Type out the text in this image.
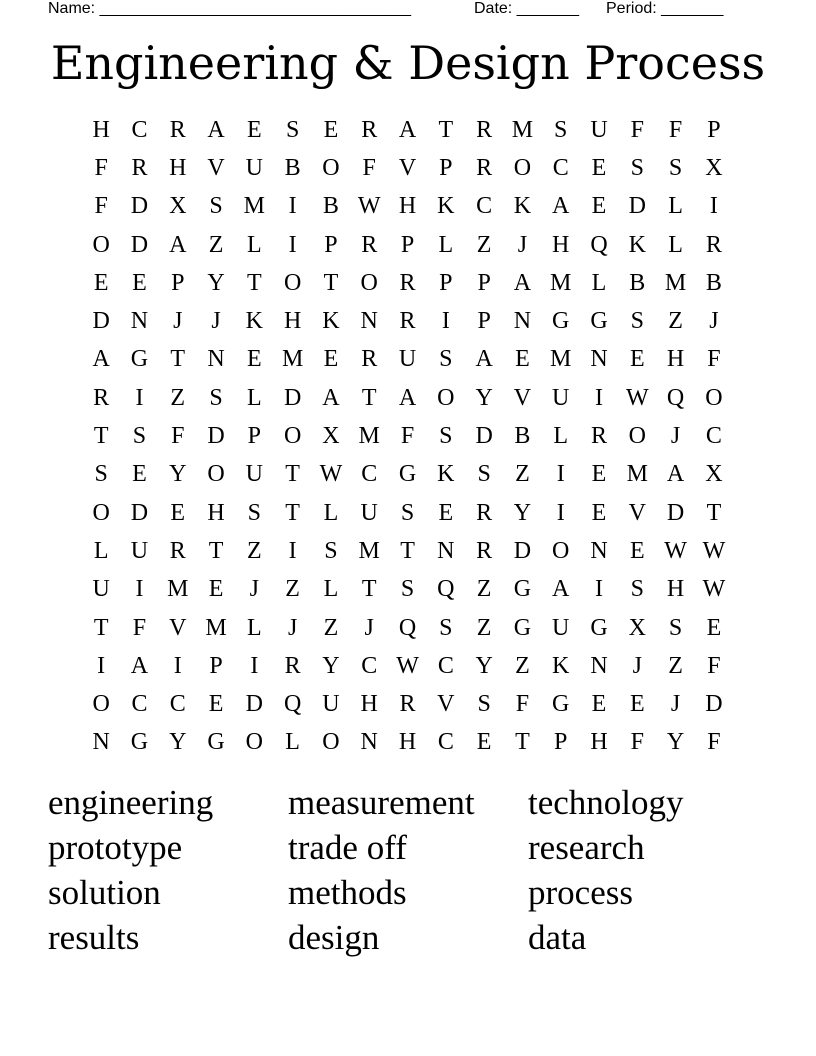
Name: ___________________________________

	Date: _______

Period: _______

Engineering & Design Process
H C R A E	S	E R A T R M S U F	F	P
F R H V U B O F V P R O C E	S	S X
F D X S M I	B W H K C K A E D L	I
O D A Z L	I	P R P	L Z	J	H Q K L R
E E	P Y T O T O R P	P A M L B M B
D N	J	J	K H K N R	I	P N G G S	Z	J
A G T N E M E R U S A E M N E H F
R	I	Z	S	L D A T A O Y V U	I W Q O
T	S	F D P O X M F	S D B L R O	J	C
S	E Y O U T W C G K S	Z	I	E M A X
O D E H S	T L U S	E R Y	I	E V D T
L U R T Z	I	S M T N R D O N E W W
U	I M E	J	Z L T	S Q Z G A	I	S H W
T	F V M L	J	Z	J	Q S	Z G U G X S	E
I	A	I	P	I	R Y C W C Y Z K N	J	Z	F
O C C E D Q U H R V S	F G E E	J	D
N G Y G O L O N H C E T	P H F Y F
engineering	measurement	technology
prototype	trade off	research
solution	methods	process
results	design	data
